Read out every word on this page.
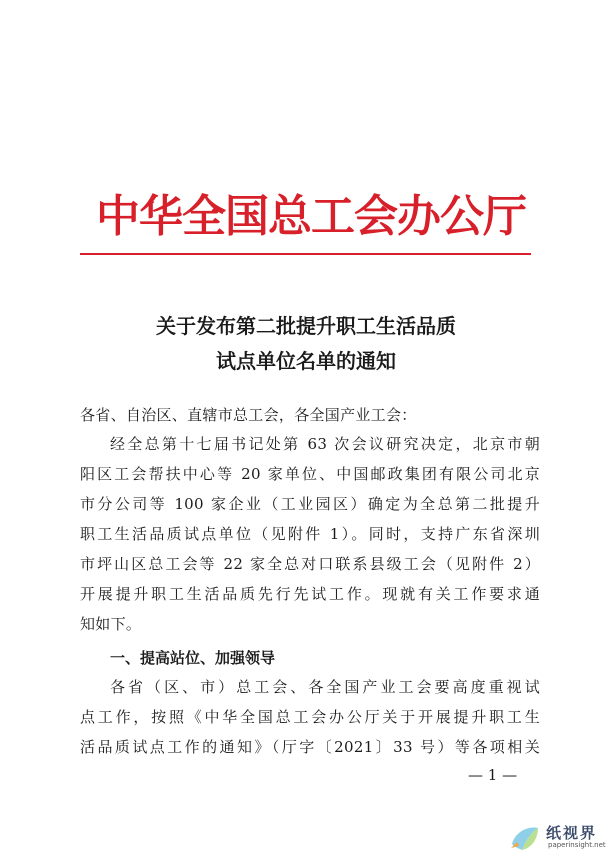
中华全国总工会办公厅
关于发布第二批提升职工生活品质
试点单位名单的通知
各省、自治区、直辖市总工会，各全国产业工会：
经全总第十七届书记处第 63 次会议研究决定，北京市朝
阳区工会帮扶中心等 20 家单位、中国邮政集团有限公司北京
市分公司等 100 家企业（工业园区）确定为全总第二批提升
职工生活品质试点单位（见附件 1）。同时，支持广东省深圳
市坪山区总工会等 22 家全总对口联系县级工会（见附件 2）
开展提升职工生活品质先行先试工作。现就有关工作要求通
知如下。
一、提高站位、加强领导
各省（区、市）总工会、各全国产业工会要高度重视试
点工作，按照《中华全国总工会办公厅关于开展提升职工生
活品质试点工作的通知》（厅字〔2021〕33 号）等各项相关
— 1 —
纸视界
paperinsight.net
